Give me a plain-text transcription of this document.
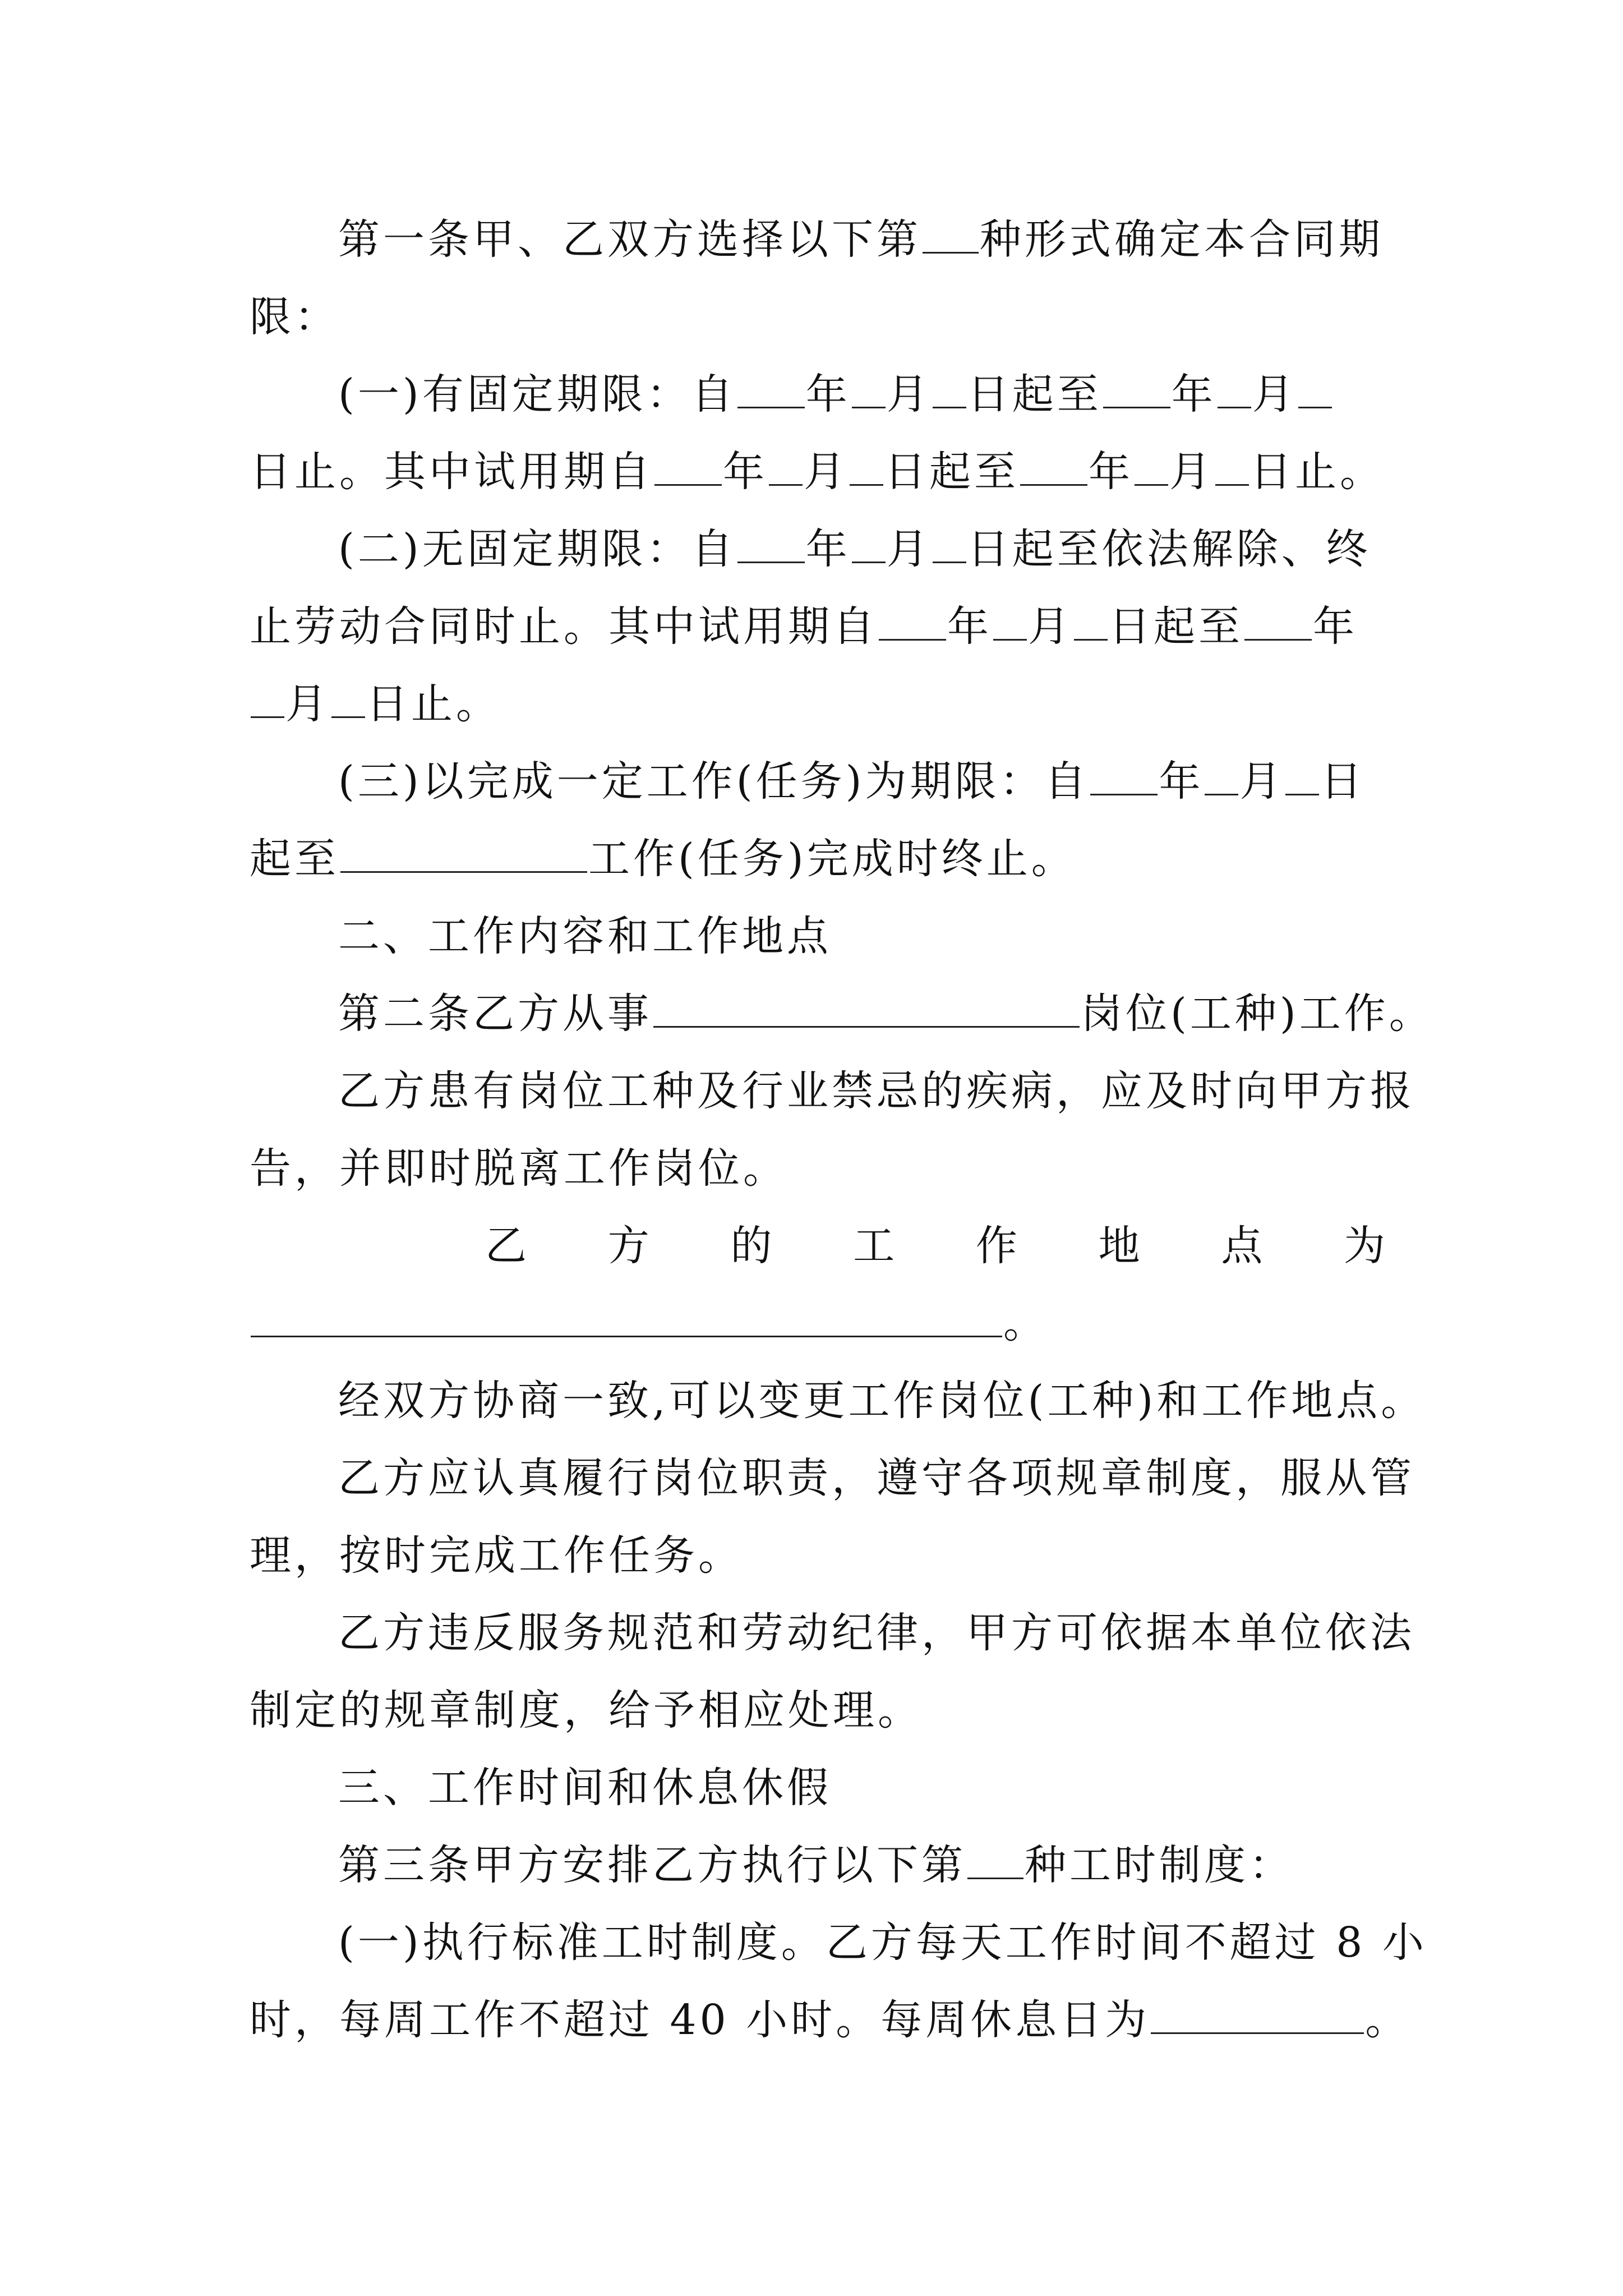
第一条甲、乙双方选择以下第 种形式确定本合同期
限：

(一)有固定期限：自 年 月 日起至 年 月
日止。其中试用期自 年 月 日起至 年 月 日止。

(二)无固定期限：自 年 月 日起至依法解除、终
止劳动合同时止。其中试用期自 年 月 日起至 年
月 日止。

(三)以完成一定工作(任务)为期限：自 年 月 日
起至	工作(任务)完成时终止。

二、工作内容和工作地点

第二条乙方从事	岗位(工种)工作。

乙方患有岗位工种及行业禁忌的疾病，应及时向甲方报
告，并即时脱离工作岗位。

乙 方 的 工 作 地 点 为
。

经双方协商一致,可以变更工作岗位(工种)和工作地点。

乙方应认真履行岗位职责，遵守各项规章制度，服从管
理，按时完成工作任务。

乙方违反服务规范和劳动纪律，甲方可依据本单位依法
制定的规章制度，给予相应处理。

三、工作时间和休息休假

第三条甲方安排乙方执行以下第 种工时制度：

(一)执行标准工时制度。乙方每天工作时间不超过 8 小
时，每周工作不超过 40 小时。每周休息日为	。
